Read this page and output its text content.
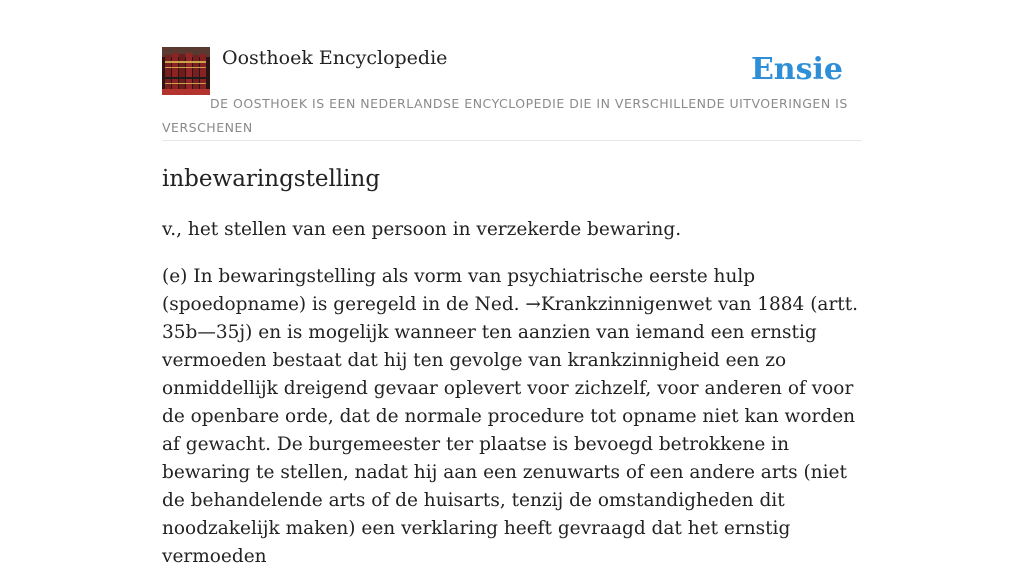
Oosthoek Encyclopedie	Ensie
DE OOSTHOEK IS EEN NEDERLANDSE ENCYCLOPEDIE DIE IN VERSCHILLENDE UITVOERINGEN IS VERSCHENEN
inbewaringstelling

v., het stellen van een persoon in verzekerde bewaring.

(e) In bewaringstelling als vorm van psychiatrische eerste hulp (spoedopname) is geregeld in de Ned. →Krankzinnigenwet van 1884 (artt. 35b—35j) en is mogelijk wanneer ten aanzien van iemand een ernstig vermoeden bestaat dat hij ten gevolge van krankzinnigheid een zo onmiddellijk dreigend gevaar oplevert voor zichzelf, voor anderen of voor de openbare orde, dat de normale procedure tot opname niet kan worden af gewacht. De burgemeester ter plaatse is bevoegd betrokkene in bewaring te stellen, nadat hij aan een zenuwarts of een andere arts (niet de behandelende arts of de huisarts, tenzij de omstandigheden dit noodzakelijk maken) een verklaring heeft gevraagd dat het ernstig vermoeden
